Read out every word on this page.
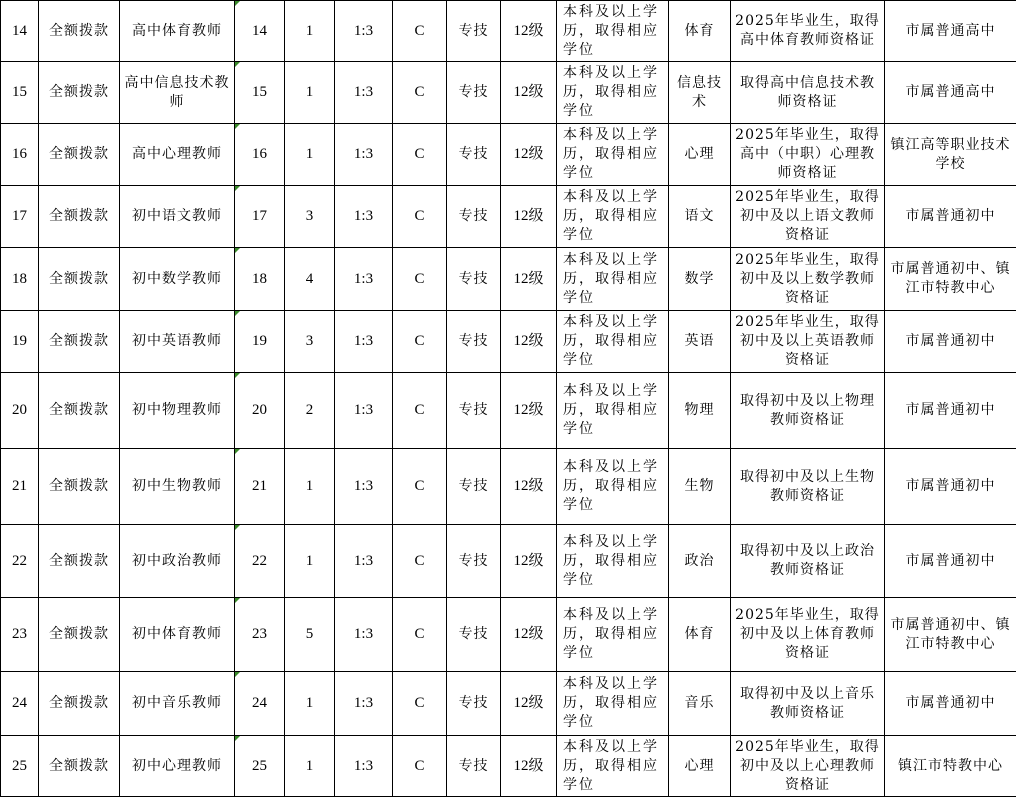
14	全额拨款	高中体育教师	14	1	1:3	C	专技	12级	本科及以上学历，取得相应学位	体育	2025年毕业生，取得高中体育教师资格证	市属普通高中
15	全额拨款	高中信息技术教师	15	1	1:3	C	专技	12级	本科及以上学历，取得相应学位	信息技术	取得高中信息技术教师资格证	市属普通高中
16	全额拨款	高中心理教师	16	1	1:3	C	专技	12级	本科及以上学历，取得相应学位	心理	2025年毕业生，取得高中（中职）心理教师资格证	镇江高等职业技术学校
17	全额拨款	初中语文教师	17	3	1:3	C	专技	12级	本科及以上学历，取得相应学位	语文	2025年毕业生，取得初中及以上语文教师资格证	市属普通初中
18	全额拨款	初中数学教师	18	4	1:3	C	专技	12级	本科及以上学历，取得相应学位	数学	2025年毕业生，取得初中及以上数学教师资格证	市属普通初中、镇江市特教中心
19	全额拨款	初中英语教师	19	3	1:3	C	专技	12级	本科及以上学历，取得相应学位	英语	2025年毕业生，取得初中及以上英语教师资格证	市属普通初中
20	全额拨款	初中物理教师	20	2	1:3	C	专技	12级	本科及以上学历，取得相应学位	物理	取得初中及以上物理教师资格证	市属普通初中
21	全额拨款	初中生物教师	21	1	1:3	C	专技	12级	本科及以上学历，取得相应学位	生物	取得初中及以上生物教师资格证	市属普通初中
22	全额拨款	初中政治教师	22	1	1:3	C	专技	12级	本科及以上学历，取得相应学位	政治	取得初中及以上政治教师资格证	市属普通初中
23	全额拨款	初中体育教师	23	5	1:3	C	专技	12级	本科及以上学历，取得相应学位	体育	2025年毕业生，取得初中及以上体育教师资格证	市属普通初中、镇江市特教中心
24	全额拨款	初中音乐教师	24	1	1:3	C	专技	12级	本科及以上学历，取得相应学位	音乐	取得初中及以上音乐教师资格证	市属普通初中
25	全额拨款	初中心理教师	25	1	1:3	C	专技	12级	本科及以上学历，取得相应学位	心理	2025年毕业生，取得初中及以上心理教师资格证	镇江市特教中心
